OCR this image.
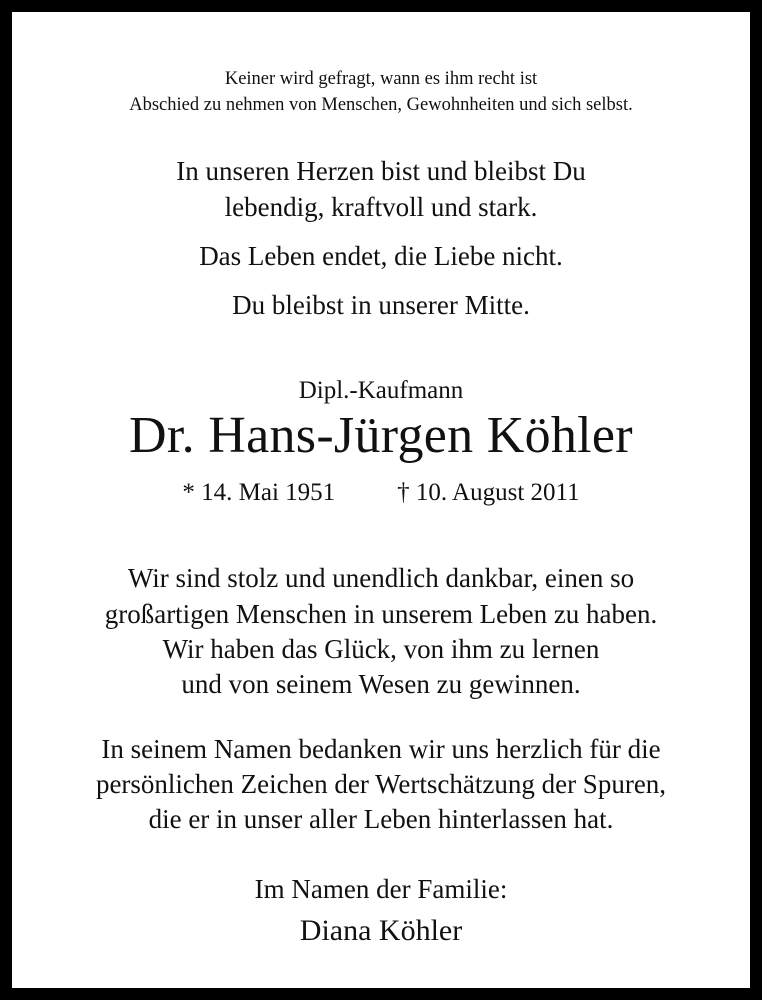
Keiner wird gefragt, wann es ihm recht ist
Abschied zu nehmen von Menschen, Gewohnheiten und sich selbst.
In unseren Herzen bist und bleibst Du
lebendig, kraftvoll und stark.
Das Leben endet, die Liebe nicht.
Du bleibst in unserer Mitte.
Dipl.-Kaufmann
Dr. Hans-Jürgen Köhler
* 14. Mai 1951 † 10. August 2011
Wir sind stolz und unendlich dankbar, einen so
großartigen Menschen in unserem Leben zu haben.
Wir haben das Glück, von ihm zu lernen
und von seinem Wesen zu gewinnen.
In seinem Namen bedanken wir uns herzlich für die
persönlichen Zeichen der Wertschätzung der Spuren,
die er in unser aller Leben hinterlassen hat.
Im Namen der Familie:
Diana Köhler
